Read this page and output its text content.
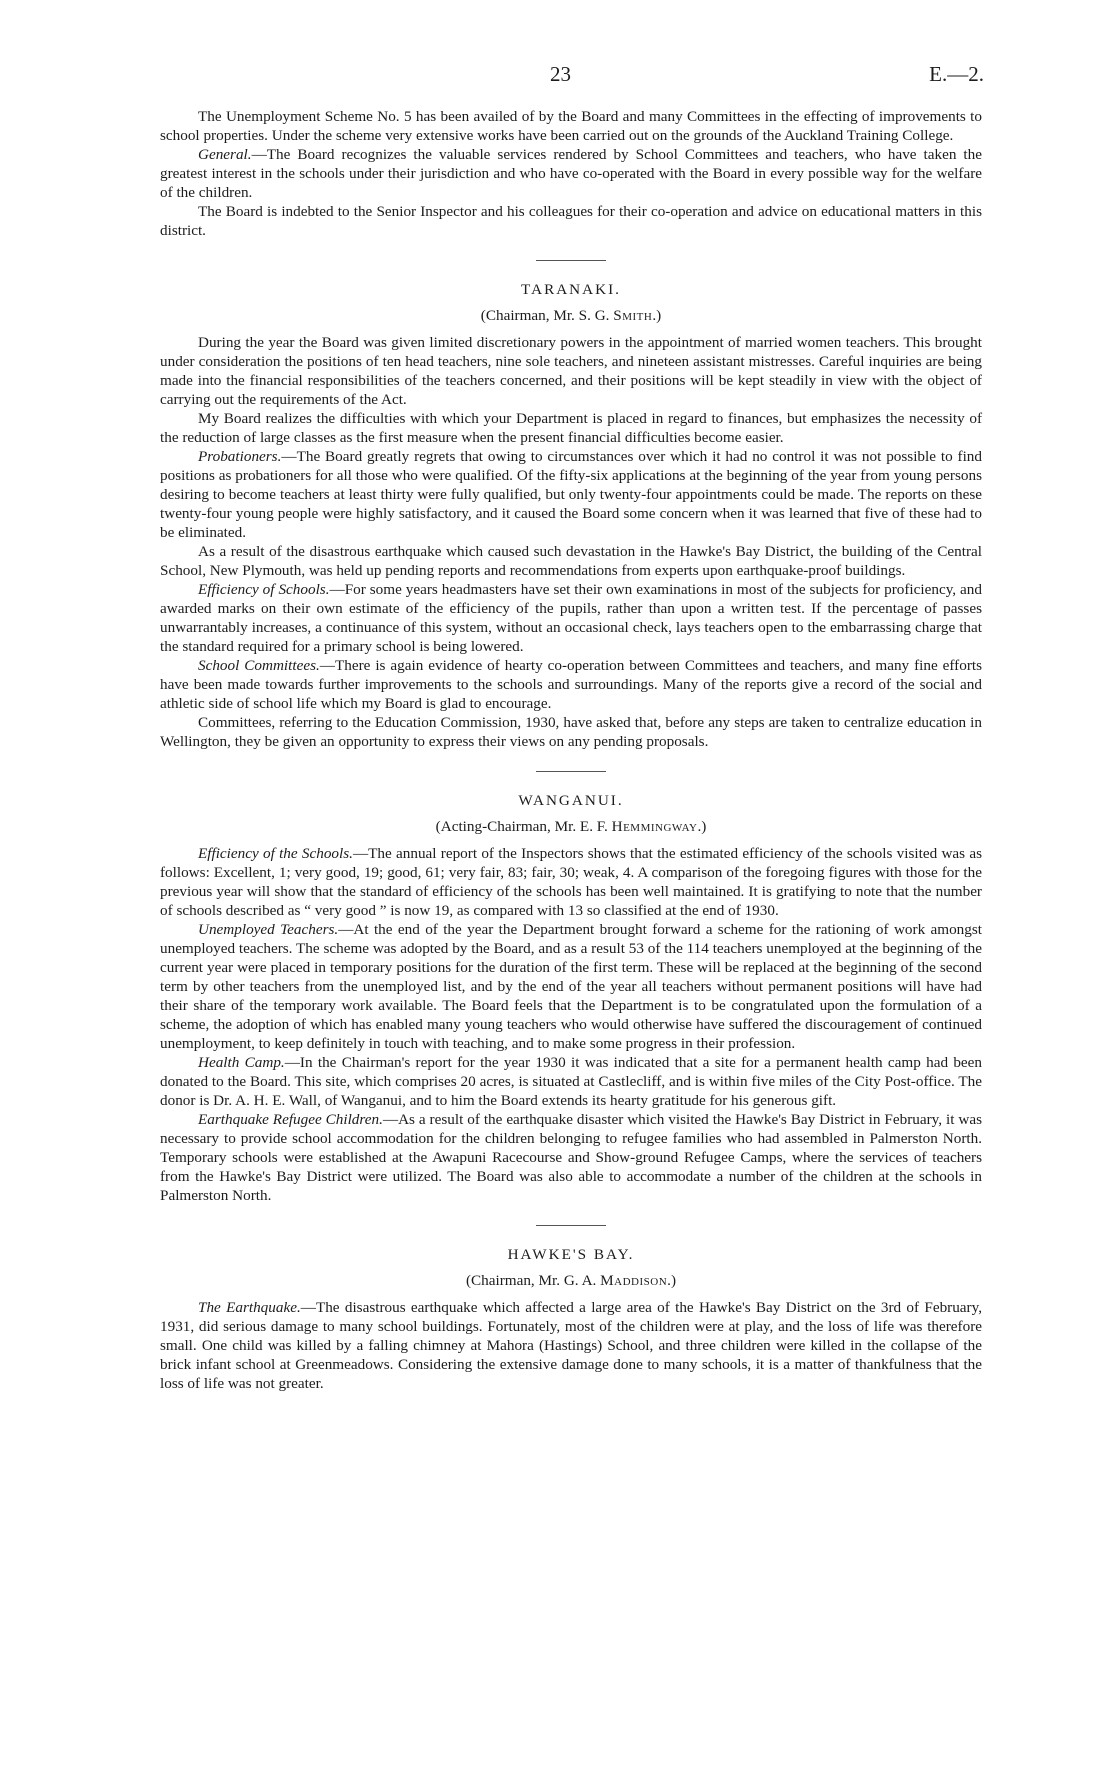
23	E.—2.

The Unemployment Scheme No. 5 has been availed of by the Board and many Committees in the effecting of improvements to school properties. Under the scheme very extensive works have been carried out on the grounds of the Auckland Training College.

General.—The Board recognizes the valuable services rendered by School Committees and teachers, who have taken the greatest interest in the schools under their jurisdiction and who have co-operated with the Board in every possible way for the welfare of the children.

The Board is indebted to the Senior Inspector and his colleagues for their co-operation and advice on educational matters in this district.

TARANAKI.
(Chairman, Mr. S. G. Smith.)

During the year the Board was given limited discretionary powers in the appointment of married women teachers. This brought under consideration the positions of ten head teachers, nine sole teachers, and nineteen assistant mistresses. Careful inquiries are being made into the financial responsibilities of the teachers concerned, and their positions will be kept steadily in view with the object of carrying out the requirements of the Act.

My Board realizes the difficulties with which your Department is placed in regard to finances, but emphasizes the necessity of the reduction of large classes as the first measure when the present financial difficulties become easier.

Probationers.—The Board greatly regrets that owing to circumstances over which it had no control it was not possible to find positions as probationers for all those who were qualified. Of the fifty-six applications at the beginning of the year from young persons desiring to become teachers at least thirty were fully qualified, but only twenty-four appointments could be made. The reports on these twenty-four young people were highly satisfactory, and it caused the Board some concern when it was learned that five of these had to be eliminated.

As a result of the disastrous earthquake which caused such devastation in the Hawke's Bay District, the building of the Central School, New Plymouth, was held up pending reports and recommendations from experts upon earthquake-proof buildings.

Efficiency of Schools.—For some years headmasters have set their own examinations in most of the subjects for proficiency, and awarded marks on their own estimate of the efficiency of the pupils, rather than upon a written test. If the percentage of passes unwarrantably increases, a continuance of this system, without an occasional check, lays teachers open to the embarrassing charge that the standard required for a primary school is being lowered.

School Committees.—There is again evidence of hearty co-operation between Committees and teachers, and many fine efforts have been made towards further improvements to the schools and surroundings. Many of the reports give a record of the social and athletic side of school life which my Board is glad to encourage.

Committees, referring to the Education Commission, 1930, have asked that, before any steps are taken to centralize education in Wellington, they be given an opportunity to express their views on any pending proposals.

WANGANUI.
(Acting-Chairman, Mr. E. F. Hemmingway.)

Efficiency of the Schools.—The annual report of the Inspectors shows that the estimated efficiency of the schools visited was as follows: Excellent, 1; very good, 19; good, 61; very fair, 83; fair, 30; weak, 4. A comparison of the foregoing figures with those for the previous year will show that the standard of efficiency of the schools has been well maintained. It is gratifying to note that the number of schools described as “ very good ” is now 19, as compared with 13 so classified at the end of 1930.

Unemployed Teachers.—At the end of the year the Department brought forward a scheme for the rationing of work amongst unemployed teachers. The scheme was adopted by the Board, and as a result 53 of the 114 teachers unemployed at the beginning of the current year were placed in temporary positions for the duration of the first term. These will be replaced at the beginning of the second term by other teachers from the unemployed list, and by the end of the year all teachers without permanent positions will have had their share of the temporary work available. The Board feels that the Department is to be congratulated upon the formulation of a scheme, the adoption of which has enabled many young teachers who would otherwise have suffered the discouragement of continued unemployment, to keep definitely in touch with teaching, and to make some progress in their profession.

Health Camp.—In the Chairman's report for the year 1930 it was indicated that a site for a permanent health camp had been donated to the Board. This site, which comprises 20 acres, is situated at Castlecliff, and is within five miles of the City Post-office. The donor is Dr. A. H. E. Wall, of Wanganui, and to him the Board extends its hearty gratitude for his generous gift.

Earthquake Refugee Children.—As a result of the earthquake disaster which visited the Hawke's Bay District in February, it was necessary to provide school accommodation for the children belonging to refugee families who had assembled in Palmerston North. Temporary schools were established at the Awapuni Racecourse and Show-ground Refugee Camps, where the services of teachers from the Hawke's Bay District were utilized. The Board was also able to accommodate a number of the children at the schools in Palmerston North.

HAWKE'S BAY.
(Chairman, Mr. G. A. Maddison.)

The Earthquake.—The disastrous earthquake which affected a large area of the Hawke's Bay District on the 3rd of February, 1931, did serious damage to many school buildings. Fortunately, most of the children were at play, and the loss of life was therefore small. One child was killed by a falling chimney at Mahora (Hastings) School, and three children were killed in the collapse of the brick infant school at Greenmeadows. Considering the extensive damage done to many schools, it is a matter of thankfulness that the loss of life was not greater.
